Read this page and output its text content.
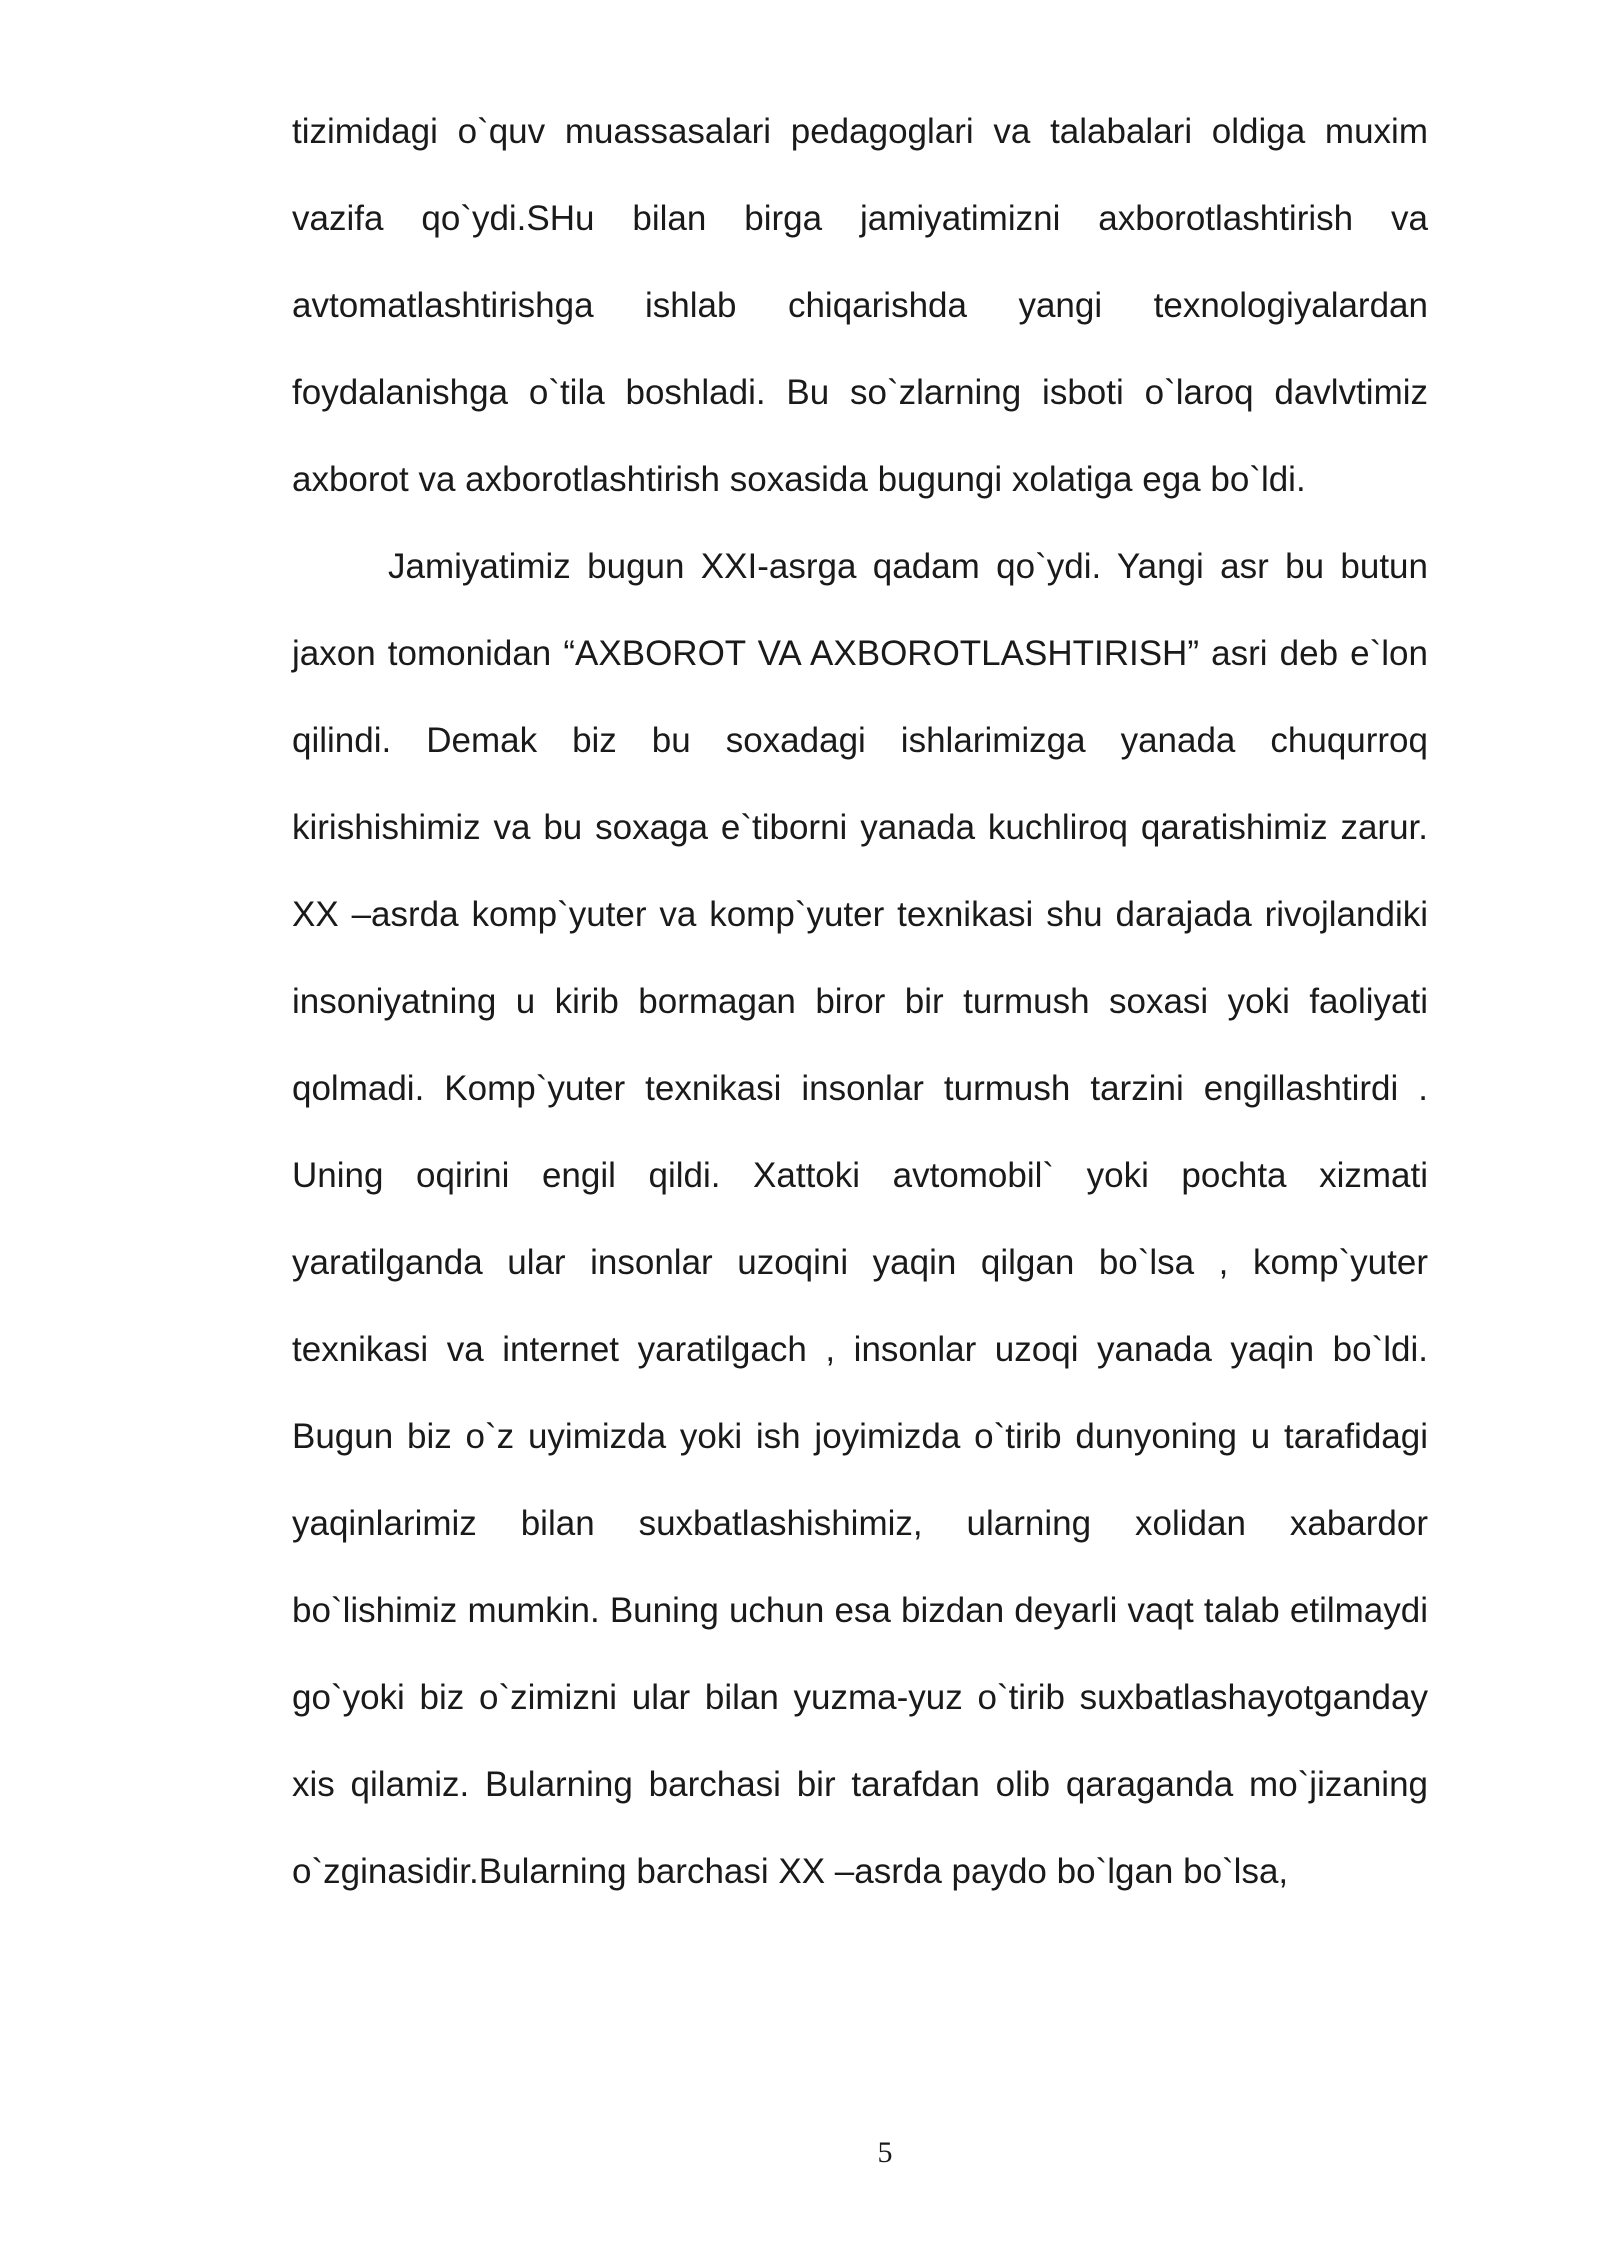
tizimidagi o`quv muassasalari pedagoglari va talabalari oldiga muxim vazifa qo`ydi.SHu bilan birga jamiyatimizni axborotlashtirish va avtomatlashtirishga ishlab chiqarishda yangi texnologiyalardan foydalanishga o`tila boshladi. Bu so`zlarning isboti o`laroq davlvtimiz axborot va axborotlashtirish soxasida bugungi xolatiga ega bo`ldi.

Jamiyatimiz bugun XXI-asrga qadam qo`ydi. Yangi asr bu butun jaxon tomonidan “AXBOROT VA AXBOROTLASHTIRISH” asri deb e`lon qilindi. Demak biz bu soxadagi ishlarimizga yanada chuqurroq kirishishimiz va bu soxaga e`tiborni yanada kuchliroq qaratishimiz zarur. XX –asrda komp`yuter va komp`yuter texnikasi shu darajada rivojlandiki insoniyatning u kirib bormagan biror bir turmush soxasi yoki faoliyati qolmadi. Komp`yuter texnikasi insonlar turmush tarzini engillashtirdi . Uning oqirini engil qildi. Xattoki avtomobil` yoki pochta xizmati yaratilganda ular insonlar uzoqini yaqin qilgan bo`lsa , komp`yuter texnikasi va internet yaratilgach , insonlar uzoqi yanada yaqin bo`ldi. Bugun biz o`z uyimizda yoki ish joyimizda o`tirib dunyoning u tarafidagi yaqinlarimiz bilan suxbatlashishimiz, ularning xolidan xabardor bo`lishimiz mumkin. Buning uchun esa bizdan deyarli vaqt talab etilmaydi go`yoki biz o`zimizni ular bilan yuzma-yuz o`tirib suxbatlashayotganday xis qilamiz. Bularning barchasi bir tarafdan olib qaraganda mo`jizaning o`zginasidir.Bularning barchasi XX –asrda paydo bo`lgan bo`lsa,

5
